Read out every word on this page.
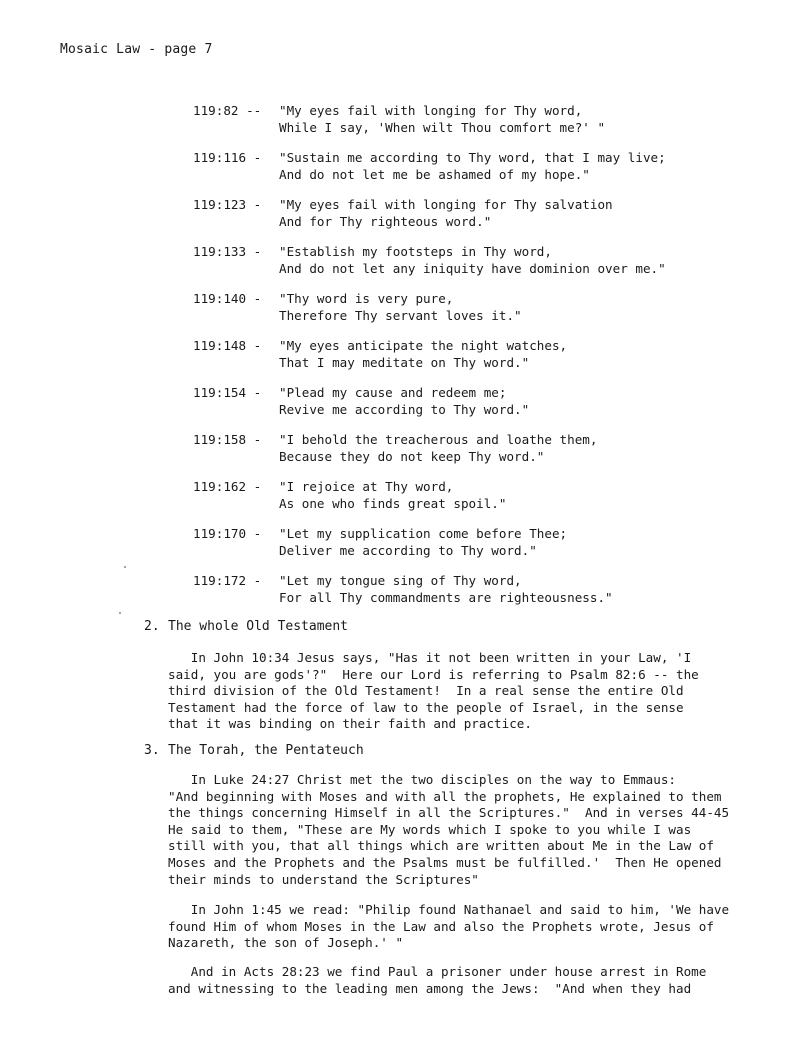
Mosaic Law - page 7
119:82 --	"My eyes fail with longing for Thy word,
While I say, 'When wilt Thou comfort me?' "
119:116 -	"Sustain me according to Thy word, that I may live;
And do not let me be ashamed of my hope."
119:123 -	"My eyes fail with longing for Thy salvation
And for Thy righteous word."
119:133 -	"Establish my footsteps in Thy word,
And do not let any iniquity have dominion over me."
119:140 -	"Thy word is very pure,
Therefore Thy servant loves it."
119:148 -	"My eyes anticipate the night watches,
That I may meditate on Thy word."
119:154 -	"Plead my cause and redeem me;
Revive me according to Thy word."
119:158 -	"I behold the treacherous and loathe them,
Because they do not keep Thy word."
119:162 -	"I rejoice at Thy word,
As one who finds great spoil."
119:170 -	"Let my supplication come before Thee;
Deliver me according to Thy word."
119:172 -	"Let my tongue sing of Thy word,
For all Thy commandments are righteousness."
2. The whole Old Testament
In John 10:34 Jesus says, "Has it not been written in your Law, 'I
said, you are gods'?"  Here our Lord is referring to Psalm 82:6 -- the
third division of the Old Testament!  In a real sense the entire Old
Testament had the force of law to the people of Israel, in the sense
that it was binding on their faith and practice.
3. The Torah, the Pentateuch
In Luke 24:27 Christ met the two disciples on the way to Emmaus:
"And beginning with Moses and with all the prophets, He explained to them
the things concerning Himself in all the Scriptures."  And in verses 44-45
He said to them, "These are My words which I spoke to you while I was
still with you, that all things which are written about Me in the Law of
Moses and the Prophets and the Psalms must be fulfilled.'  Then He opened
their minds to understand the Scriptures"
In John 1:45 we read: "Philip found Nathanael and said to him, 'We have
found Him of whom Moses in the Law and also the Prophets wrote, Jesus of
Nazareth, the son of Joseph.' "
And in Acts 28:23 we find Paul a prisoner under house arrest in Rome
and witnessing to the leading men among the Jews:  "And when they had
